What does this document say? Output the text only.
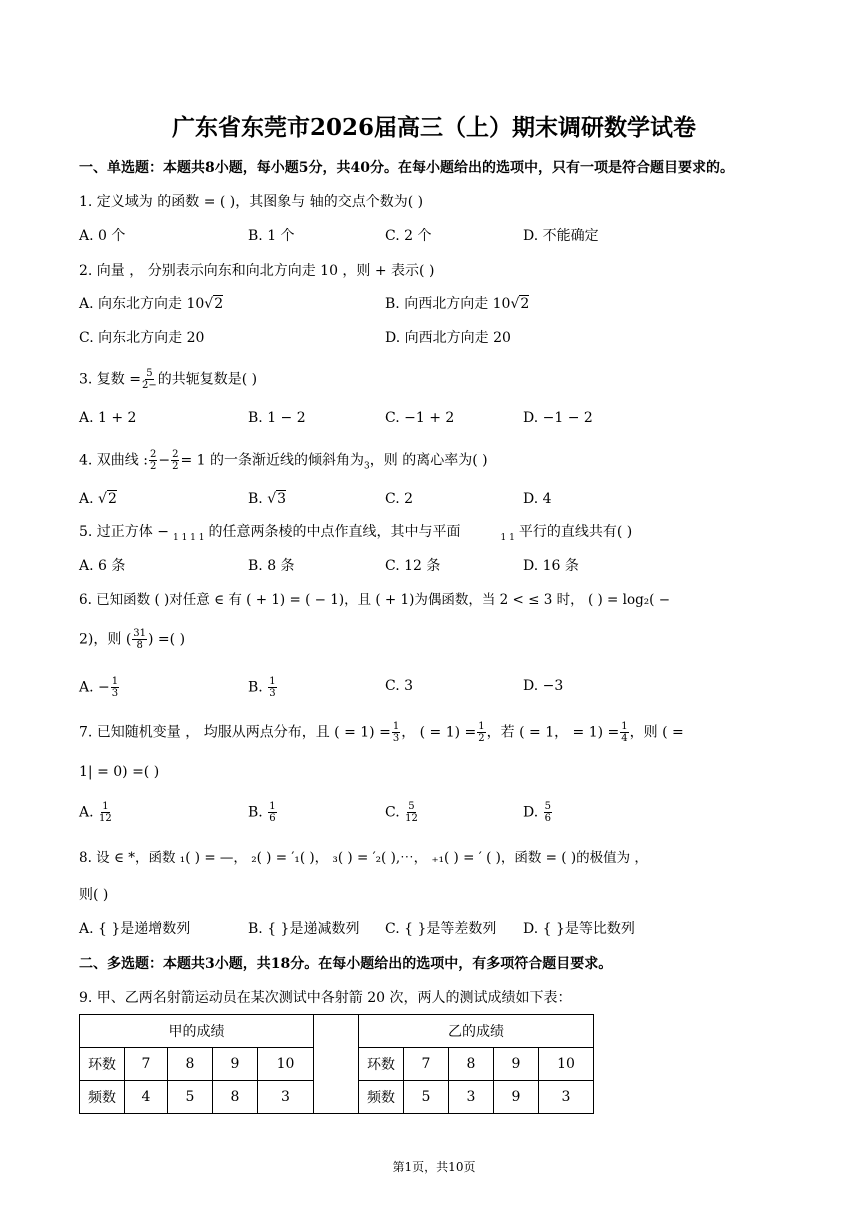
广东省东莞市2026届高三（上）期末调研数学试卷
一、单选题：本题共8小题，每小题5分，共40分。在每小题给出的选项中，只有一项是符合题目要求的。
1. 定义域为 的函数 = ( )，其图象与 轴的交点个数为( )
A. 0 个	B. 1 个	C. 2 个	D. 不能确定
2. 向量 ， 分别表示向东和向北方向走 10 ，则 + 表示( )
A. 向东北方向走 10√2	B. 向西北方向走 10√2
C. 向东北方向走 20	D. 向西北方向走 20
3. 复数 = $\frac{5}{2-}$ 的共轭复数是( )
A. 1 + 2	B. 1 − 2	C. −1 + 2	D. −1 − 2
4. 双曲线 : $\frac{2}{2} - \frac{2}{2} = 1$ 的一条渐近线的倾斜角为$_3$，则 的离心率为( )
A. √2	B. √3	C. 2	D. 4
5. 过正方体 − $_{1 1 1 1}$ 的任意两条棱的中点作直线，其中与平面	$_{1 1}$ 平行的直线共有( )
A. 6 条	B. 8 条	C. 12 条	D. 16 条
6. 已知函数 ( )对任意 ∈ 有 ( + 1) = ( − 1)，且 ( + 1)为偶函数，当 2 < ≤ 3 时， ( ) = log₂( −
2)，则 ( $\frac{31}{8}$ ) =( )
A. − $\frac{1}{3}$	B. $\frac{1}{3}$	C. 3	D. −3
7. 已知随机变量 ， 均服从两点分布，且 ( = $1) = \frac{1}{3}$ ， ( = $1) = \frac{1}{2}$ ，若 ( = 1， = $1) = \frac{1}{4}$ ，则 ( =
1| = 0) =( )
A. $\frac{1}{12}$	B. $\frac{1}{6}$	C. $\frac{5}{12}$	D. $\frac{5}{6}$
8. 设 ∈ *，函数 ₁( ) = —， ₂( ) = ′₁( )， ₃( ) = ′₂( ),⋯， ₊₁( ) = ′ ( )，函数 = ( )的极值为 ，
则( )
A. { }是递增数列	B. { }是递减数列 C. { }是等差数列 D. { }是等比数列
二、多选题：本题共3小题，共18分。在每小题给出的选项中，有多项符合题目要求。
9. 甲、乙两名射箭运动员在某次测试中各射箭 20 次，两人的测试成绩如下表：
甲的成绩				
环数	7	8	9	10
频数	4	5	8	3
乙的成绩				
环数	7	8	9	10
频数	5	3	9	3
第1页，共10页
